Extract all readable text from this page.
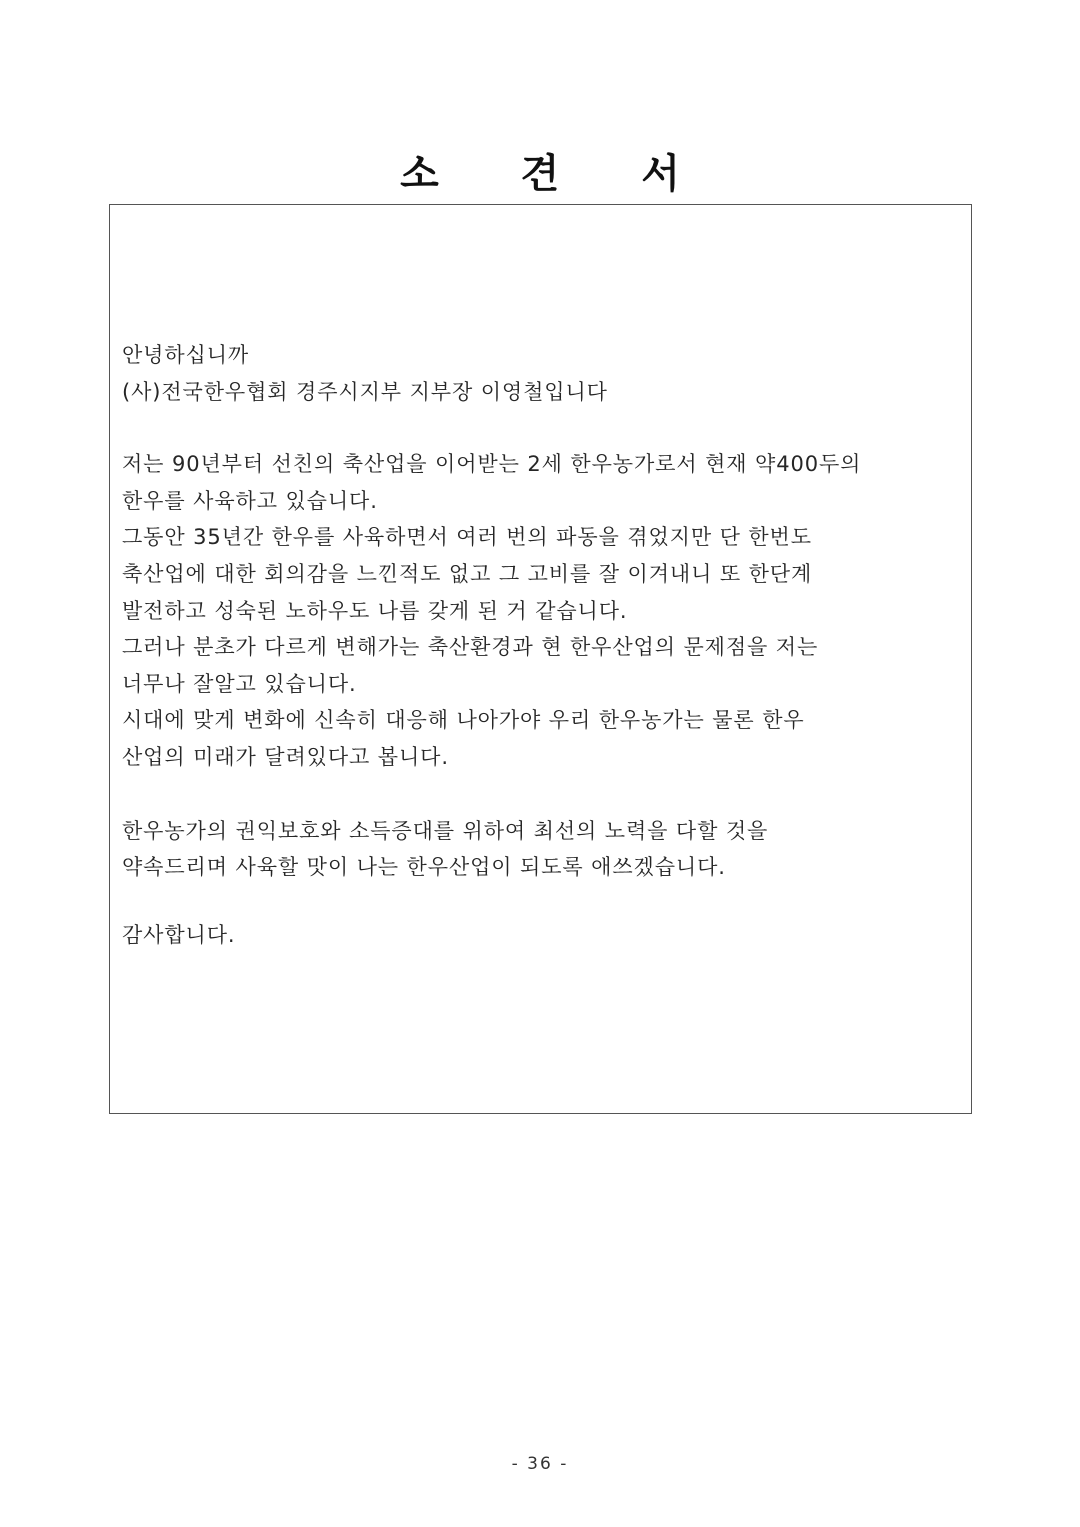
소 견 서

안녕하십니까
(사)전국한우협회 경주시지부 지부장 이영철입니다

저는 90년부터 선친의 축산업을 이어받는 2세 한우농가로서 현재 약400두의
한우를 사육하고 있습니다.
그동안 35년간 한우를 사육하면서 여러 번의 파동을 겪었지만 단 한번도
축산업에 대한 회의감을 느낀적도 없고 그 고비를 잘 이겨내니 또 한단계
발전하고 성숙된 노하우도 나름 갖게 된 거 같습니다.
그러나 분초가 다르게 변해가는 축산환경과 현 한우산업의 문제점을 저는
너무나 잘알고 있습니다.
시대에 맞게 변화에 신속히 대응해 나아가야 우리 한우농가는 물론 한우
산업의 미래가 달려있다고 봅니다.

한우농가의 권익보호와 소득증대를 위하여 최선의 노력을 다할 것을
약속드리며 사육할 맛이 나는 한우산업이 되도록 애쓰겠습니다.

감사합니다.

- 36 -
